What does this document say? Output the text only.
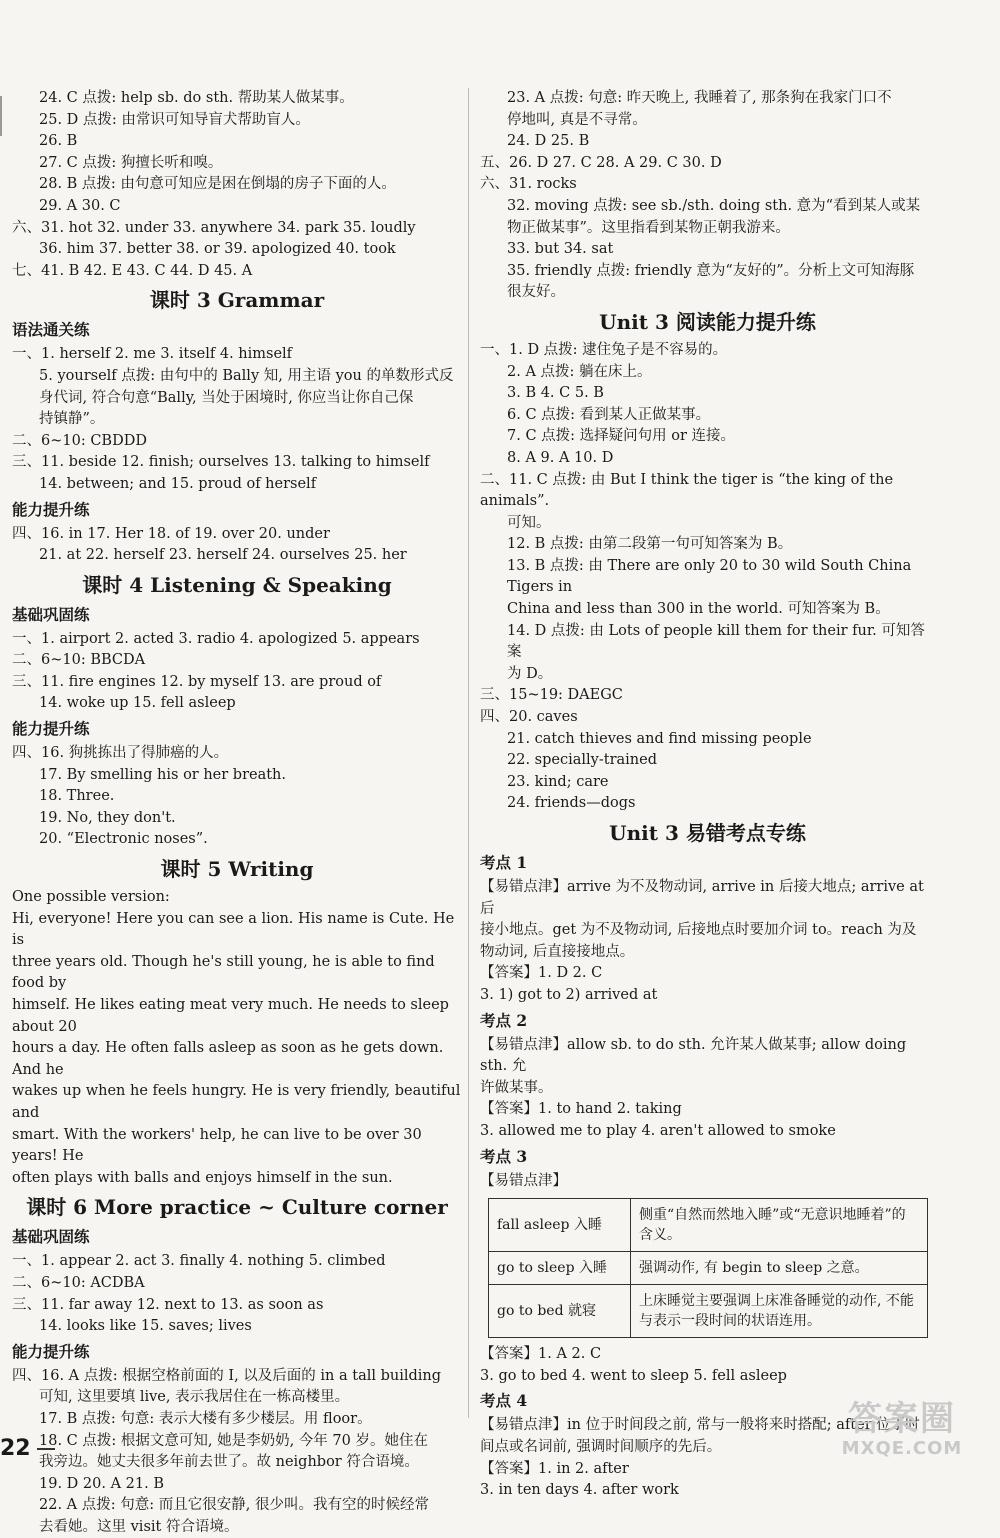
24. C 点拨: help sb. do sth. 帮助某人做某事。
25. D 点拨: 由常识可知导盲犬帮助盲人。
26. B
27. C 点拨: 狗擅长听和嗅。
28. B 点拨: 由句意可知应是困在倒塌的房子下面的人。
29. A 30. C
六、31. hot 32. under 33. anywhere 34. park 35. loudly
36. him 37. better 38. or 39. apologized 40. took
七、41. B 42. E 43. C 44. D 45. A
课时 3 Grammar
语法通关练
一、1. herself 2. me 3. itself 4. himself
5. yourself 点拨: 由句中的 Bally 知, 用主语 you 的单数形式反
身代词, 符合句意“Bally, 当处于困境时, 你应当让你自己保
持镇静”。
二、6~10: CBDDD
三、11. beside 12. finish; ourselves 13. talking to himself
14. between; and 15. proud of herself
能力提升练
四、16. in 17. Her 18. of 19. over 20. under
21. at 22. herself 23. herself 24. ourselves 25. her
课时 4 Listening & Speaking
基础巩固练
一、1. airport 2. acted 3. radio 4. apologized 5. appears
二、6~10: BBCDA
三、11. fire engines 12. by myself 13. are proud of
14. woke up 15. fell asleep
能力提升练
四、16. 狗挑拣出了得肺癌的人。
17. By smelling his or her breath.
18. Three.
19. No, they don't.
20. “Electronic noses”.
课时 5 Writing
One possible version:
Hi, everyone! Here you can see a lion. His name is Cute. He is
three years old. Though he's still young, he is able to find food by
himself. He likes eating meat very much. He needs to sleep about 20
hours a day. He often falls asleep as soon as he gets down. And he
wakes up when he feels hungry. He is very friendly, beautiful and
smart. With the workers' help, he can live to be over 30 years! He
often plays with balls and enjoys himself in the sun.
课时 6 More practice ~ Culture corner
基础巩固练
一、1. appear 2. act 3. finally 4. nothing 5. climbed
二、6~10: ACDBA
三、11. far away 12. next to 13. as soon as
14. looks like 15. saves; lives
能力提升练
四、16. A 点拨: 根据空格前面的 I, 以及后面的 in a tall building
可知, 这里要填 live, 表示我居住在一栋高楼里。
17. B 点拨: 句意: 表示大楼有多少楼层。用 floor。
18. C 点拨: 根据文意可知, 她是李奶奶, 今年 70 岁。她住在
我旁边。她丈夫很多年前去世了。故 neighbor 符合语境。
19. D 20. A 21. B
22. A 点拨: 句意: 而且它很安静, 很少叫。我有空的时候经常
去看她。这里 visit 符合语境。
23. A 点拨: 句意: 昨天晚上, 我睡着了, 那条狗在我家门口不
停地叫, 真是不寻常。
24. D 25. B
五、26. D 27. C 28. A 29. C 30. D
六、31. rocks
32. moving 点拨: see sb./sth. doing sth. 意为“看到某人或某
物正做某事”。这里指看到某物正朝我游来。
33. but 34. sat
35. friendly 点拨: friendly 意为“友好的”。分析上文可知海豚
很友好。
Unit 3 阅读能力提升练
一、1. D 点拨: 逮住兔子是不容易的。
2. A 点拨: 躺在床上。
3. B 4. C 5. B
6. C 点拨: 看到某人正做某事。
7. C 点拨: 选择疑问句用 or 连接。
8. A 9. A 10. D
二、11. C 点拨: 由 But I think the tiger is “the king of the animals”.
可知。
12. B 点拨: 由第二段第一句可知答案为 B。
13. B 点拨: 由 There are only 20 to 30 wild South China Tigers in
China and less than 300 in the world. 可知答案为 B。
14. D 点拨: 由 Lots of people kill them for their fur. 可知答案
为 D。
三、15~19: DAEGC
四、20. caves
21. catch thieves and find missing people
22. specially-trained
23. kind; care
24. friends—dogs
Unit 3 易错考点专练
考点 1
【易错点津】arrive 为不及物动词, arrive in 后接大地点; arrive at 后
接小地点。get 为不及物动词, 后接地点时要加介词 to。reach 为及
物动词, 后直接接地点。
【答案】1. D 2. C
3. 1) got to 2) arrived at
考点 2
【易错点津】allow sb. to do sth. 允许某人做某事; allow doing sth. 允
许做某事。
【答案】1. to hand 2. taking
3. allowed me to play 4. aren't allowed to smoke
考点 3
【易错点津】
fall asleep 入睡	侧重“自然而然地入睡”或“无意识地睡着”的含义。
go to sleep 入睡	强调动作, 有 begin to sleep 之意。
go to bed 就寝	上床睡觉主要强调上床准备睡觉的动作, 不能与表示一段时间的状语连用。
【答案】1. A 2. C
3. go to bed 4. went to sleep 5. fell asleep
考点 4
【易错点津】in 位于时间段之前, 常与一般将来时搭配; after 位于时
间点或名词前, 强调时间顺序的先后。
【答案】1. in 2. after
3. in ten days 4. after work
22
答案圈
MXQE.COM
